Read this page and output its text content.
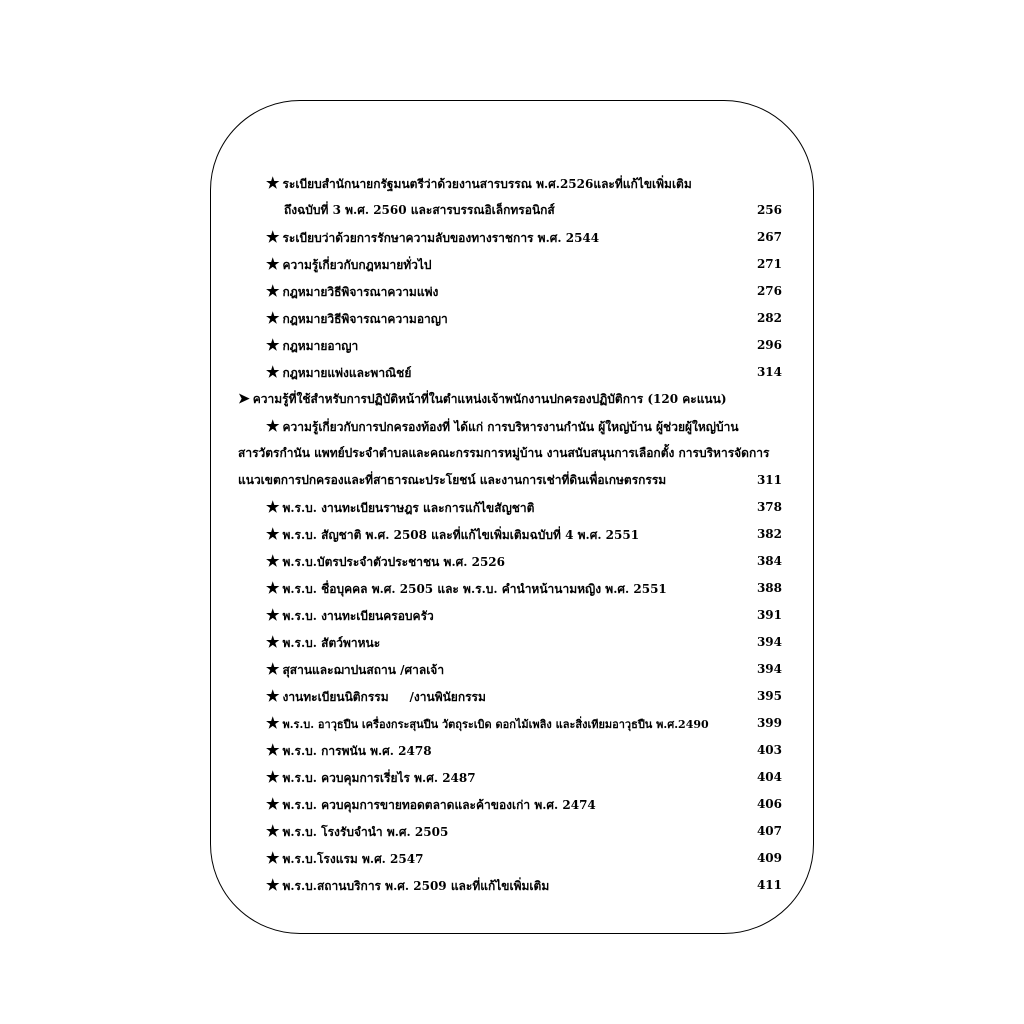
★ ระเบียบสำนักนายกรัฐมนตรีว่าด้วยงานสารบรรณ พ.ศ.2526และที่แก้ไขเพิ่มเติม
ถึงฉบับที่ 3 พ.ศ. 2560 และสารบรรณอิเล็กทรอนิกส์	256
★ ระเบียบว่าด้วยการรักษาความลับของทางราชการ พ.ศ. 2544	267
★ ความรู้เกี่ยวกับกฎหมายทั่วไป	271
★ กฎหมายวิธีพิจารณาความแพ่ง	276
★ กฎหมายวิธีพิจารณาความอาญา	282
★ กฎหมายอาญา	296
★ กฎหมายแพ่งและพาณิชย์	314
➤ ความรู้ที่ใช้สำหรับการปฏิบัติหน้าที่ในตำแหน่งเจ้าพนักงานปกครองปฏิบัติการ (120 คะแนน)
★ ความรู้เกี่ยวกับการปกครองท้องที่ ได้แก่ การบริหารงานกำนัน ผู้ใหญ่บ้าน ผู้ช่วยผู้ใหญ่บ้าน
สารวัตรกำนัน แพทย์ประจำตำบลและคณะกรรมการหมู่บ้าน งานสนับสนุนการเลือกตั้ง การบริหารจัดการ
แนวเขตการปกครองและที่สาธารณะประโยชน์ และงานการเช่าที่ดินเพื่อเกษตรกรรม	311
★ พ.ร.บ. งานทะเบียนราษฎร และการแก้ไขสัญชาติ	378
★ พ.ร.บ. สัญชาติ พ.ศ. 2508 และที่แก้ไขเพิ่มเติมฉบับที่ 4 พ.ศ. 2551	382
★ พ.ร.บ.บัตรประจำตัวประชาชน พ.ศ. 2526	384
★ พ.ร.บ. ชื่อบุคคล พ.ศ. 2505 และ พ.ร.บ. คำนำหน้านามหญิง พ.ศ. 2551	388
★ พ.ร.บ. งานทะเบียนครอบครัว	391
★ พ.ร.บ. สัตว์พาหนะ	394
★ สุสานและฌาปนสถาน /ศาลเจ้า	394
★ งานทะเบียนนิติกรรม     /งานพินัยกรรม	395
★ พ.ร.บ. อาวุธปืน เครื่องกระสุนปืน วัตถุระเบิด ดอกไม้เพลิง และสิ่งเทียมอาวุธปืน พ.ศ.2490	399
★ พ.ร.บ. การพนัน พ.ศ. 2478	403
★ พ.ร.บ. ควบคุมการเรี่ยไร พ.ศ. 2487	404
★ พ.ร.บ. ควบคุมการขายทอดตลาดและค้าของเก่า พ.ศ. 2474	406
★ พ.ร.บ. โรงรับจำนำ พ.ศ. 2505	407
★ พ.ร.บ.โรงแรม พ.ศ. 2547	409
★ พ.ร.บ.สถานบริการ พ.ศ. 2509 และที่แก้ไขเพิ่มเติม	411
